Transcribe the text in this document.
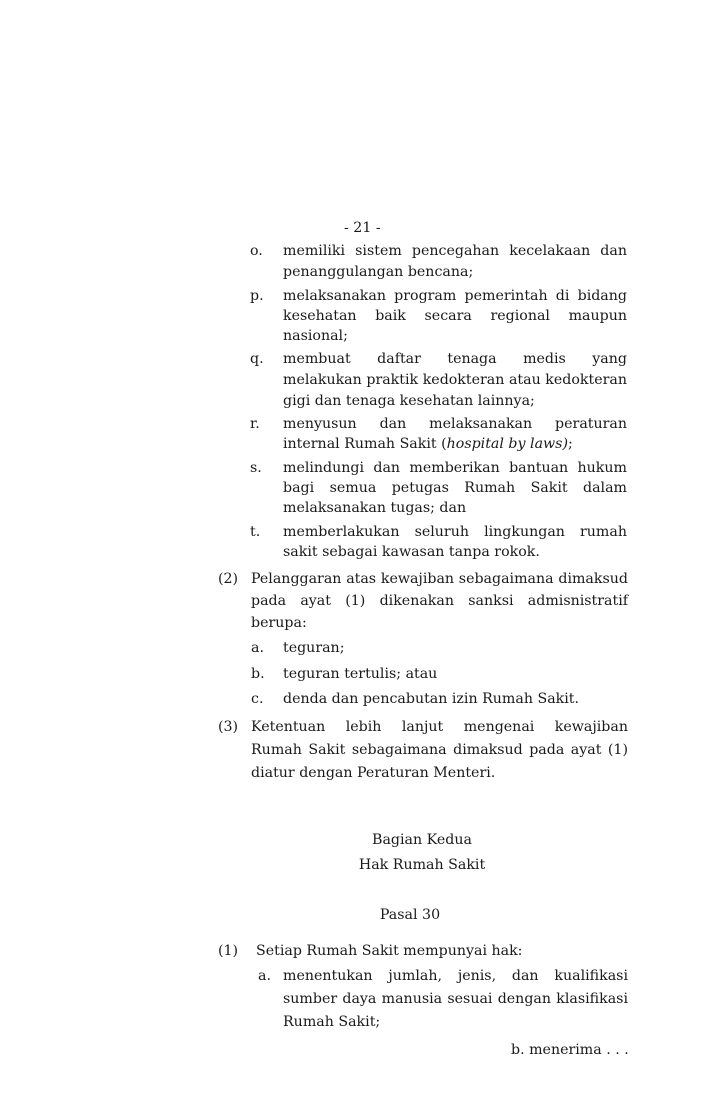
- 21 -
o. memiliki sistem pencegahan kecelakaan dan
penanggulangan bencana;
p. melaksanakan program pemerintah di bidang
kesehatan baik secara regional maupun
nasional;
q. membuat daftar tenaga medis yang
melakukan praktik kedokteran atau kedokteran
gigi dan tenaga kesehatan lainnya;
r. menyusun dan melaksanakan peraturan
internal Rumah Sakit (hospital by laws);
s. melindungi dan memberikan bantuan hukum
bagi semua petugas Rumah Sakit dalam
melaksanakan tugas; dan
t. memberlakukan seluruh lingkungan rumah
sakit sebagai kawasan tanpa rokok.
(2) Pelanggaran atas kewajiban sebagaimana dimaksud
pada ayat (1) dikenakan sanksi admisnistratif
berupa:
a. teguran;
b. teguran tertulis; atau
c. denda dan pencabutan izin Rumah Sakit.
(3) Ketentuan lebih lanjut mengenai kewajiban
Rumah Sakit sebagaimana dimaksud pada ayat (1)
diatur dengan Peraturan Menteri.
Bagian Kedua
Hak Rumah Sakit
Pasal 30
(1) Setiap Rumah Sakit mempunyai hak:
a. menentukan jumlah, jenis, dan kualifikasi
sumber daya manusia sesuai dengan klasifikasi
Rumah Sakit;
b. menerima . . .
